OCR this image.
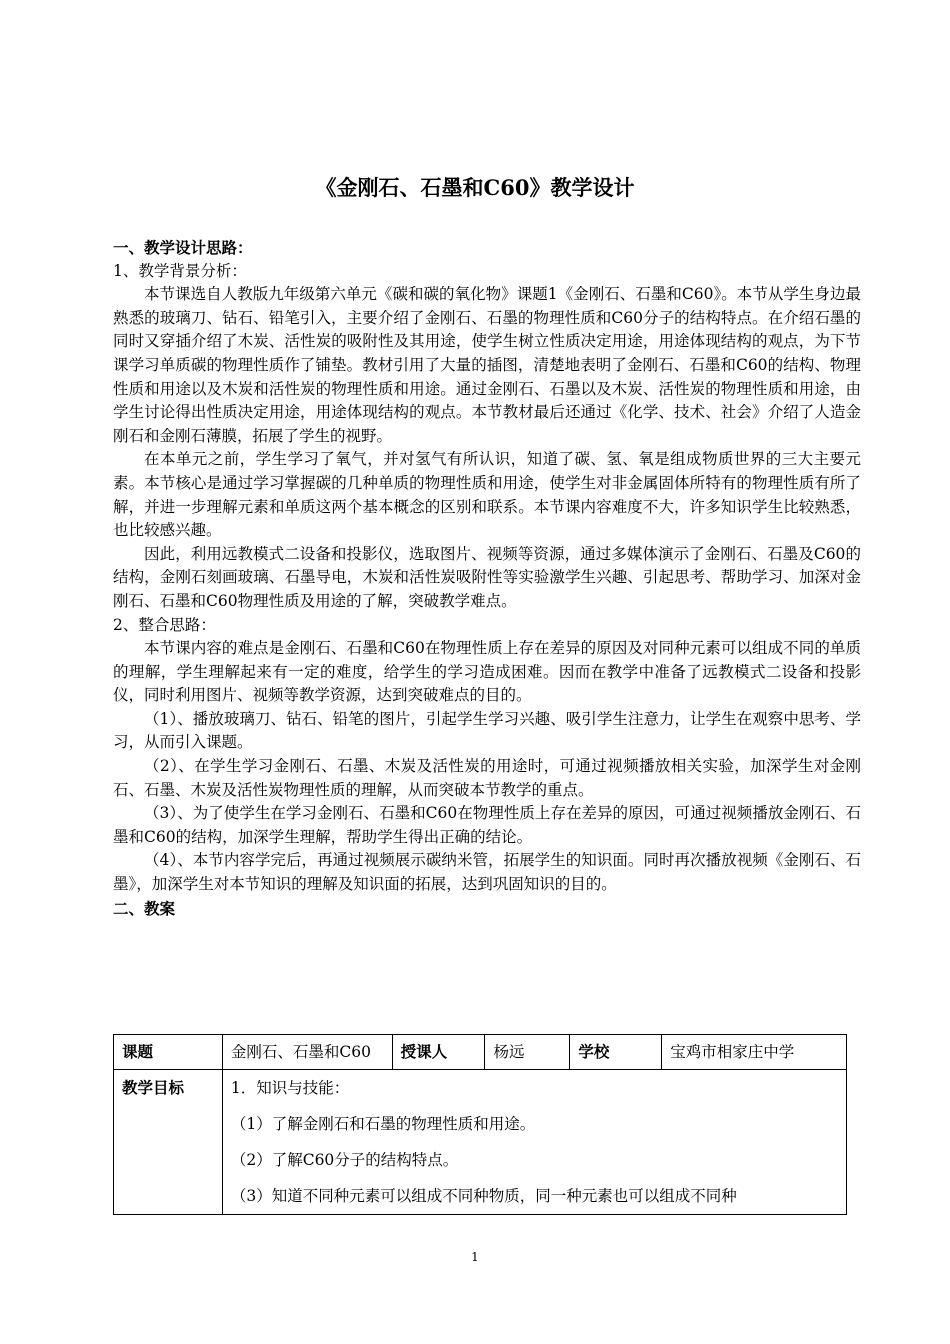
《金刚石、石墨和C60》教学设计

一、教学设计思路：

1、教学背景分析：

本节课选自人教版九年级第六单元《碳和碳的氧化物》课题1《金刚石、石墨和C60》。本节从学生身边最熟悉的玻璃刀、钻石、铅笔引入，主要介绍了金刚石、石墨的物理性质和C60分子的结构特点。在介绍石墨的同时又穿插介绍了木炭、活性炭的吸附性及其用途，使学生树立性质决定用途，用途体现结构的观点，为下节课学习单质碳的物理性质作了铺垫。教材引用了大量的插图，清楚地表明了金刚石、石墨和C60的结构、物理性质和用途以及木炭和活性炭的物理性质和用途。通过金刚石、石墨以及木炭、活性炭的物理性质和用途，由学生讨论得出性质决定用途，用途体现结构的观点。本节教材最后还通过《化学、技术、社会》介绍了人造金刚石和金刚石薄膜，拓展了学生的视野。

在本单元之前，学生学习了氧气，并对氢气有所认识，知道了碳、氢、氧是组成物质世界的三大主要元素。本节核心是通过学习掌握碳的几种单质的物理性质和用途，使学生对非金属固体所特有的物理性质有所了解，并进一步理解元素和单质这两个基本概念的区别和联系。本节课内容难度不大，许多知识学生比较熟悉，也比较感兴趣。

因此，利用远教模式二设备和投影仪，选取图片、视频等资源，通过多媒体演示了金刚石、石墨及C60的结构，金刚石刻画玻璃、石墨导电，木炭和活性炭吸附性等实验激学生兴趣、引起思考、帮助学习、加深对金刚石、石墨和C60物理性质及用途的了解，突破教学难点。

2、整合思路：

本节课内容的难点是金刚石、石墨和C60在物理性质上存在差异的原因及对同种元素可以组成不同的单质的理解，学生理解起来有一定的难度，给学生的学习造成困难。因而在教学中准备了远教模式二设备和投影仪，同时利用图片、视频等教学资源，达到突破难点的目的。

（1）、播放玻璃刀、钻石、铅笔的图片，引起学生学习兴趣、吸引学生注意力，让学生在观察中思考、学习，从而引入课题。

（2）、在学生学习金刚石、石墨、木炭及活性炭的用途时，可通过视频播放相关实验，加深学生对金刚石、石墨、木炭及活性炭物理性质的理解，从而突破本节教学的重点。

（3）、为了使学生在学习金刚石、石墨和C60在物理性质上存在差异的原因，可通过视频播放金刚石、石墨和C60的结构，加深学生理解，帮助学生得出正确的结论。

（4）、本节内容学完后，再通过视频展示碳纳米管，拓展学生的知识面。同时再次播放视频《金刚石、石墨》，加深学生对本节知识的理解及知识面的拓展，达到巩固知识的目的。

二、教案

课题	金刚石、石墨和C60	授课人	杨远	学校	宝鸡市相家庄中学
教学目标	1．知识与技能：
（1）了解金刚石和石墨的物理性质和用途。
（2）了解C60分子的结构特点。
（3）知道不同种元素可以组成不同种物质，同一种元素也可以组成不同种				
1
